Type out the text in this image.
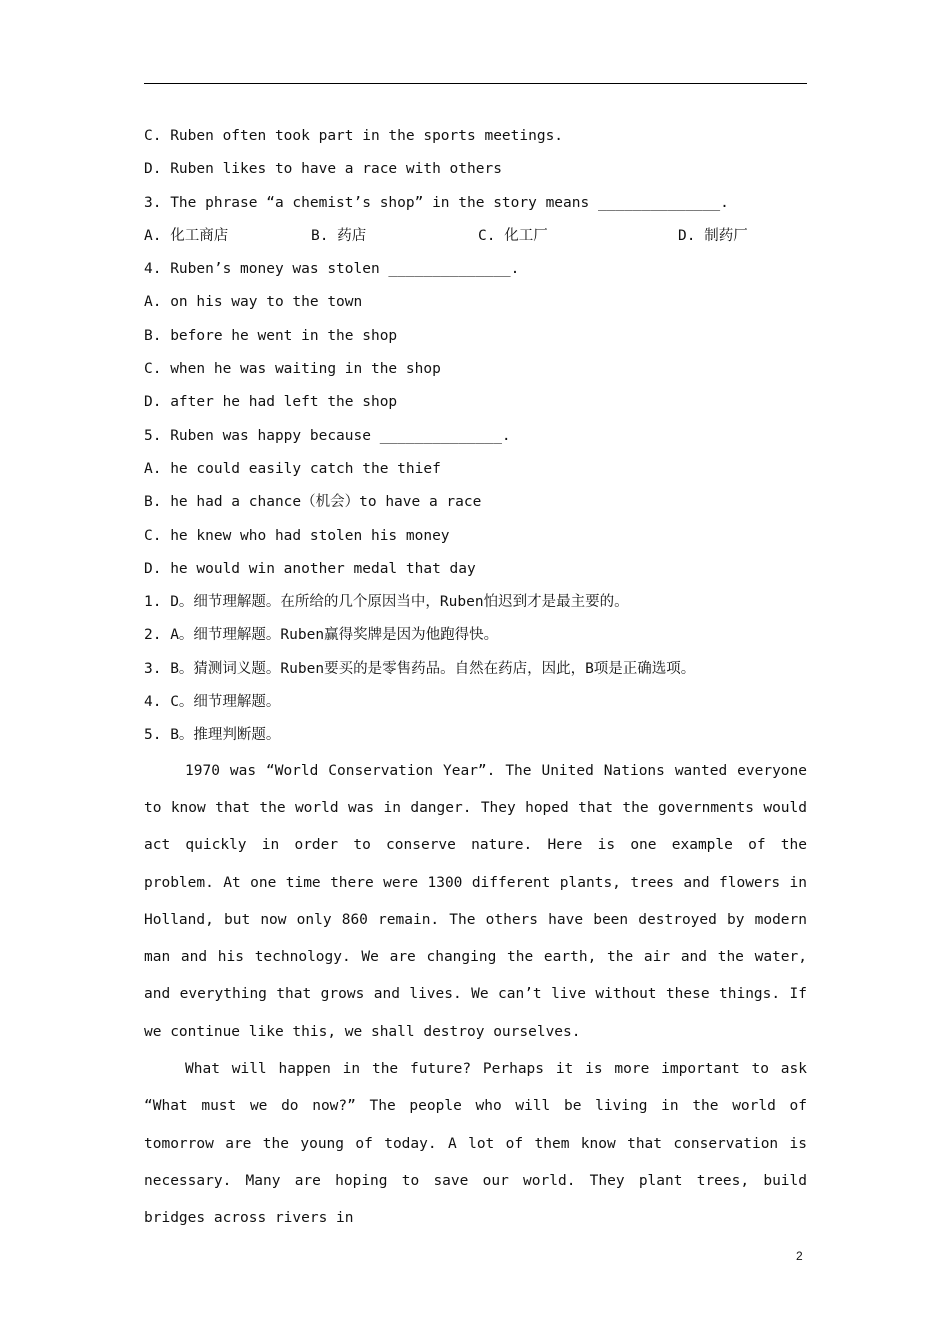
C. Ruben often took part in the sports meetings.
D. Ruben likes to have a race with others
3. The phrase “a chemist’s shop” in the story means ______________.
A. 化工商店	B. 药店	C. 化工厂	D. 制药厂
4. Ruben’s money was stolen ______________.
A. on his way to the town
B. before he went in the shop
C. when he was waiting in the shop
D. after he had left the shop
5. Ruben was happy because ______________.
A. he could easily catch the thief
B. he had a chance（机会）to have a race
C. he knew who had stolen his money
D. he would win another medal that day
1. D。细节理解题。在所给的几个原因当中，Ruben怕迟到才是最主要的。
2. A。细节理解题。Ruben赢得奖牌是因为他跑得快。
3. B。猜测词义题。Ruben要买的是零售药品。自然在药店，因此，B项是正确选项。
4. C。细节理解题。
5. B。推理判断题。
1970 was “World Conservation Year”. The United Nations wanted everyone to know that the world was in danger. They hoped that the governments would act quickly in order to conserve nature. Here is one example of the problem. At one time there were 1300 different plants, trees and flowers in Holland, but now only 860 remain. The others have been destroyed by modern man and his technology. We are changing the earth, the air and the water, and everything that grows and lives. We can’t live without these things. If we continue like this, we shall destroy ourselves.
What will happen in the future? Perhaps it is more important to ask “What must we do now?” The people who will be living in the world of tomorrow are the young of today. A lot of them know that conservation is necessary. Many are hoping to save our world. They plant trees, build bridges across rivers in
2
